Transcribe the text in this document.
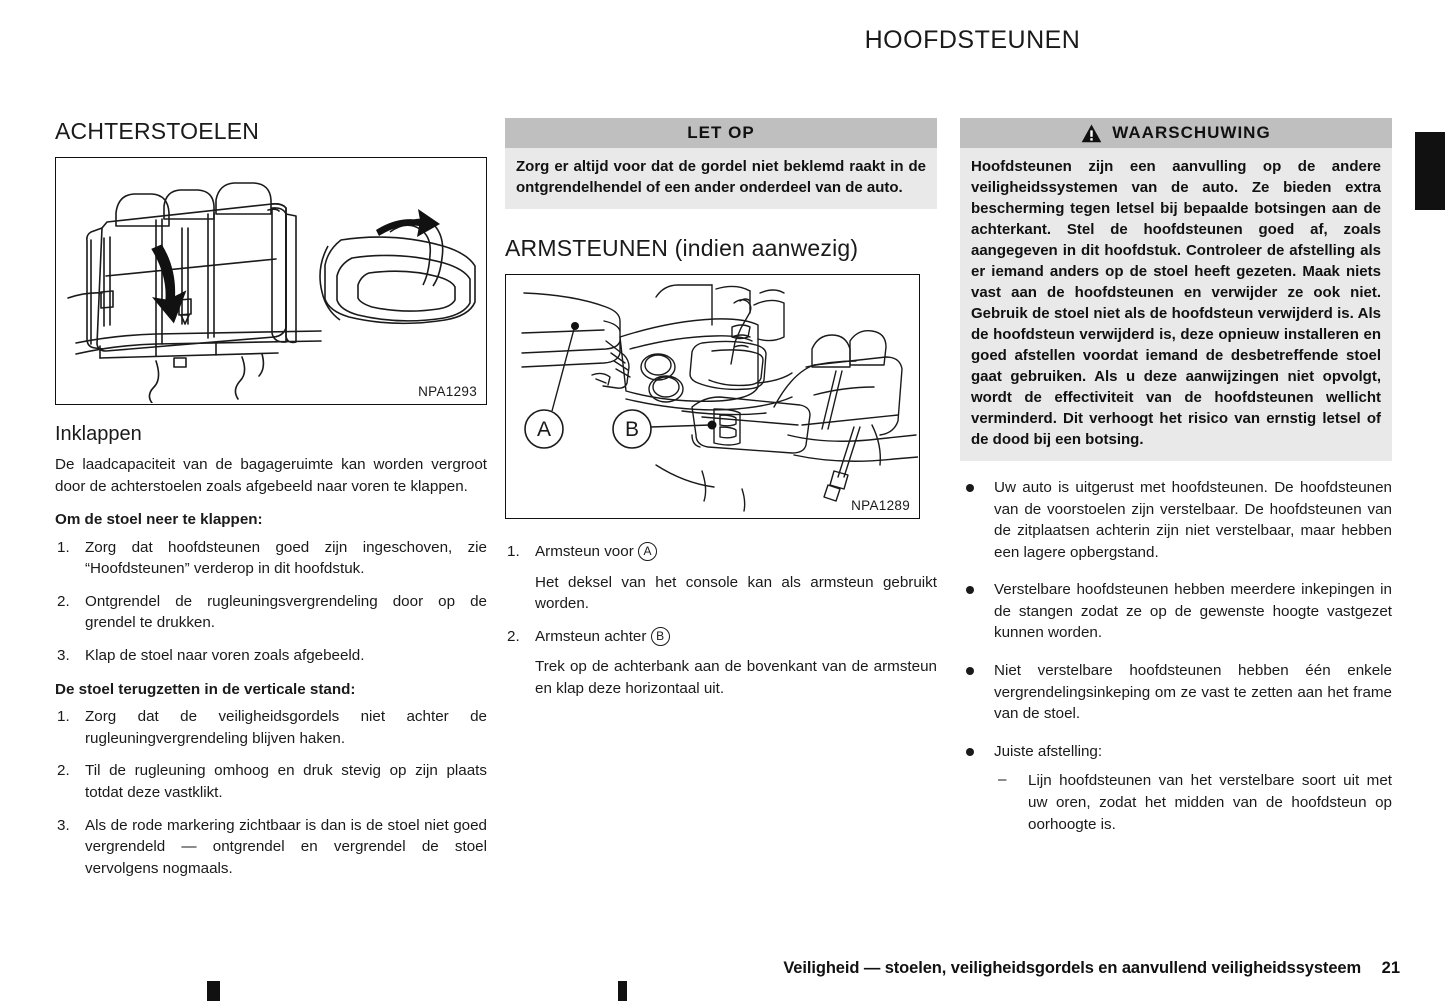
HOOFDSTEUNEN
ACHTERSTOELEN
NPA1293
Inklappen

De laadcapaciteit van de bagageruimte kan worden vergroot door de achterstoelen zoals afgebeeld naar voren te klappen.

Om de stoel neer te klappen:
1. Zorg dat hoofdsteunen goed zijn ingeschoven, zie “Hoofdsteunen” verderop in dit hoofdstuk.
2. Ontgrendel de rugleuningsvergrendeling door op de grendel te drukken.
3. Klap de stoel naar voren zoals afgebeeld.
De stoel terugzetten in de verticale stand:
1. Zorg dat de veiligheidsgordels niet achter de rugleuningvergrendeling blijven haken.
2. Til de rugleuning omhoog en druk stevig op zijn plaats totdat deze vastklikt.
3. Als de rode markering zichtbaar is dan is de stoel niet goed vergrendeld — ontgrendel en vergrendel de stoel vervolgens nogmaals.
LET OP
Zorg er altijd voor dat de gordel niet beklemd raakt in de ontgrendelhendel of een ander onderdeel van de auto.
ARMSTEUNEN (indien aanwezig)
A	B
NPA1289
1. Armsteun voor A

Het deksel van het console kan als armsteun gebruikt worden.

2. Armsteun achter B

Trek op de achterbank aan de bovenkant van de armsteun en klap deze horizontaal uit.

WAARSCHUWING
Hoofdsteunen zijn een aanvulling op de andere veiligheidssystemen van de auto. Ze bieden extra bescherming tegen letsel bij bepaalde botsingen aan de achterkant. Stel de hoofdsteunen goed af, zoals aangegeven in dit hoofdstuk. Controleer de afstelling als er iemand anders op de stoel heeft gezeten. Maak niets vast aan de hoofdsteunen en verwijder ze ook niet. Gebruik de stoel niet als de hoofdsteun verwijderd is. Als de hoofdsteun verwijderd is, deze opnieuw installeren en goed afstellen voordat iemand de desbetreffende stoel gaat gebruiken. Als u deze aanwijzingen niet opvolgt, wordt de effectiviteit van de hoofdsteunen wellicht verminderd. Dit verhoogt het risico van ernstig letsel of de dood bij een botsing.
Uw auto is uitgerust met hoofdsteunen. De hoofdsteunen van de voorstoelen zijn verstelbaar. De hoofdsteunen van de zitplaatsen achterin zijn niet verstelbaar, maar hebben een lagere opbergstand.
Verstelbare hoofdsteunen hebben meerdere inkepingen in de stangen zodat ze op de gewenste hoogte vastgezet kunnen worden.
Niet verstelbare hoofdsteunen hebben één enkele vergrendelingsinkeping om ze vast te zetten aan het frame van de stoel.
Juiste afstelling:
– Lijn hoofdsteunen van het verstelbare soort uit met uw oren, zodat het midden van de hoofdsteun op oorhoogte is.
Veiligheid — stoelen, veiligheidsgordels en aanvullend veiligheidssysteem 21
